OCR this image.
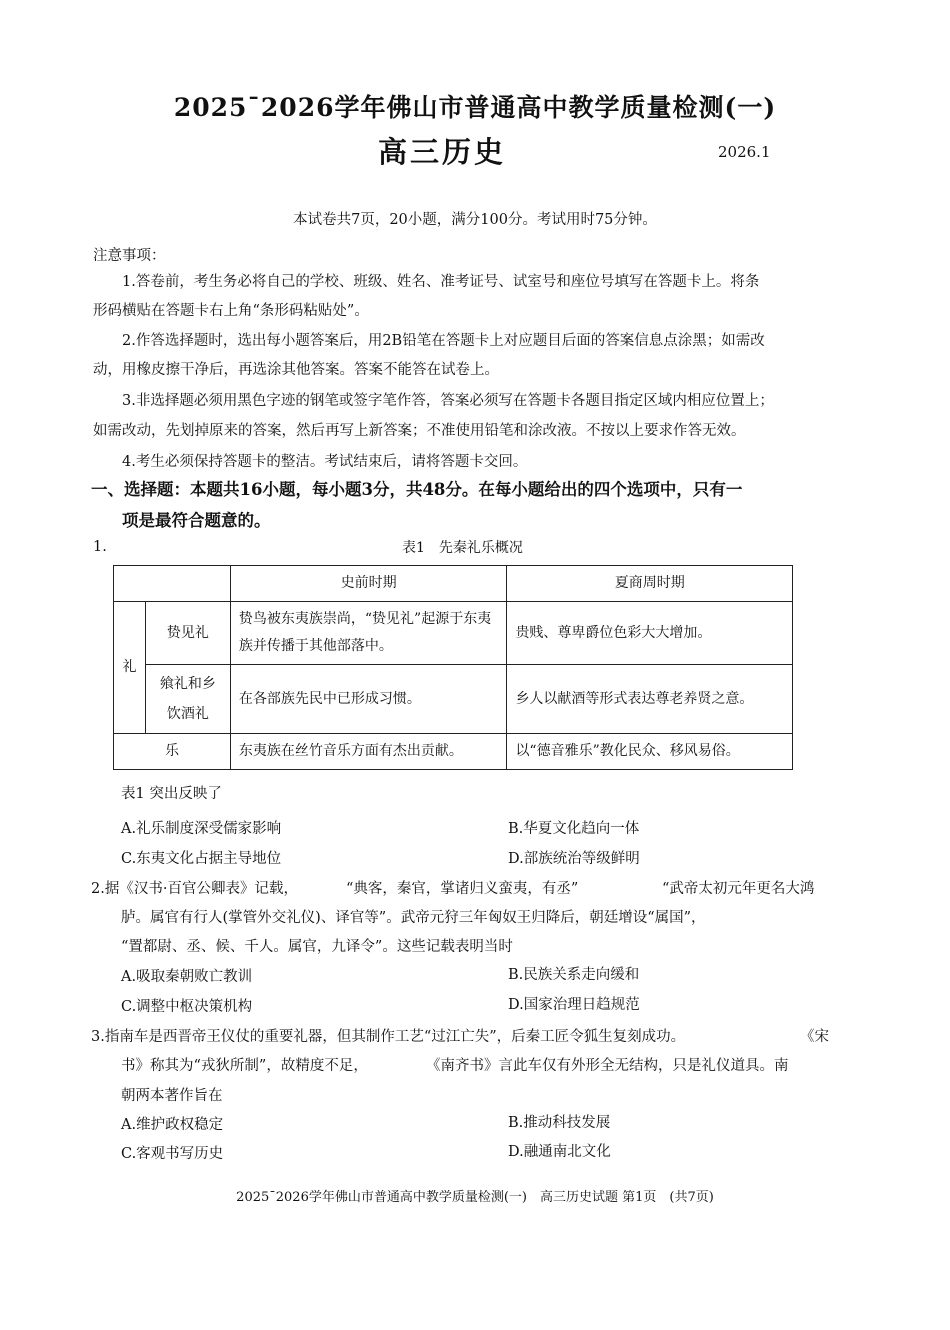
2025¯2026学年佛山市普通高中教学质量检测(一)
高三历史	2026.1
本试卷共7页，20小题，满分100分。考试用时75分钟。
注意事项：
1.答卷前，考生务必将自己的学校、班级、姓名、准考证号、试室号和座位号填写在答题卡上。将条
形码横贴在答题卡右上角“条形码粘贴处”。
2.作答选择题时，选出每小题答案后，用2B铅笔在答题卡上对应题目后面的答案信息点涂黑；如需改
动，用橡皮擦干净后，再选涂其他答案。答案不能答在试卷上。
3.非选择题必须用黑色字迹的钢笔或签字笔作答，答案必须写在答题卡各题目指定区域内相应位置上；
如需改动，先划掉原来的答案，然后再写上新答案；不准使用铅笔和涂改液。不按以上要求作答无效。
4.考生必须保持答题卡的整洁。考试结束后，请将答题卡交回。
一、选择题：本题共16小题，每小题3分，共48分。在每小题给出的四个选项中，只有一
项是最符合题意的。
1.	表1　先秦礼乐概况
		史前时期	夏商周时期
礼	贽见礼	贽鸟被东夷族崇尚，“贽见礼”起源于东夷族并传播于其他部落中。	贵贱、尊卑爵位色彩大大增加。
	飨礼和乡饮酒礼	在各部族先民中已形成习惯。	乡人以献酒等形式表达尊老养贤之意。
乐		东夷族在丝竹音乐方面有杰出贡献。	以“德音雅乐”教化民众、移风易俗。
表1 突出反映了
A.礼乐制度深受儒家影响	B.华夏文化趋向一体
C.东夷文化占据主导地位	D.部族统治等级鲜明
2.据《汉书·百官公卿表》记载，	“典客，秦官，掌诸归义蛮夷，有丞”	“武帝太初元年更名大鸿
胪。属官有行人(掌管外交礼仪)、译官等”。武帝元狩三年匈奴王归降后，朝廷增设“属国”，
“置都尉、丞、候、千人。属官，九译令”。这些记载表明当时
A.吸取秦朝败亡教训	B.民族关系走向缓和
C.调整中枢决策机构	D.国家治理日趋规范
3.指南车是西晋帝王仪仗的重要礼器，但其制作工艺“过江亡失”，后秦工匠令狐生复刻成功。	《宋
书》称其为“戎狄所制”，故精度不足，	《南齐书》言此车仅有外形全无结构，只是礼仪道具。南
朝两本著作旨在
A.维护政权稳定	B.推动科技发展
C.客观书写历史	D.融通南北文化
2025¯2026学年佛山市普通高中教学质量检测(一)　高三历史试题 第1页　(共7页)
